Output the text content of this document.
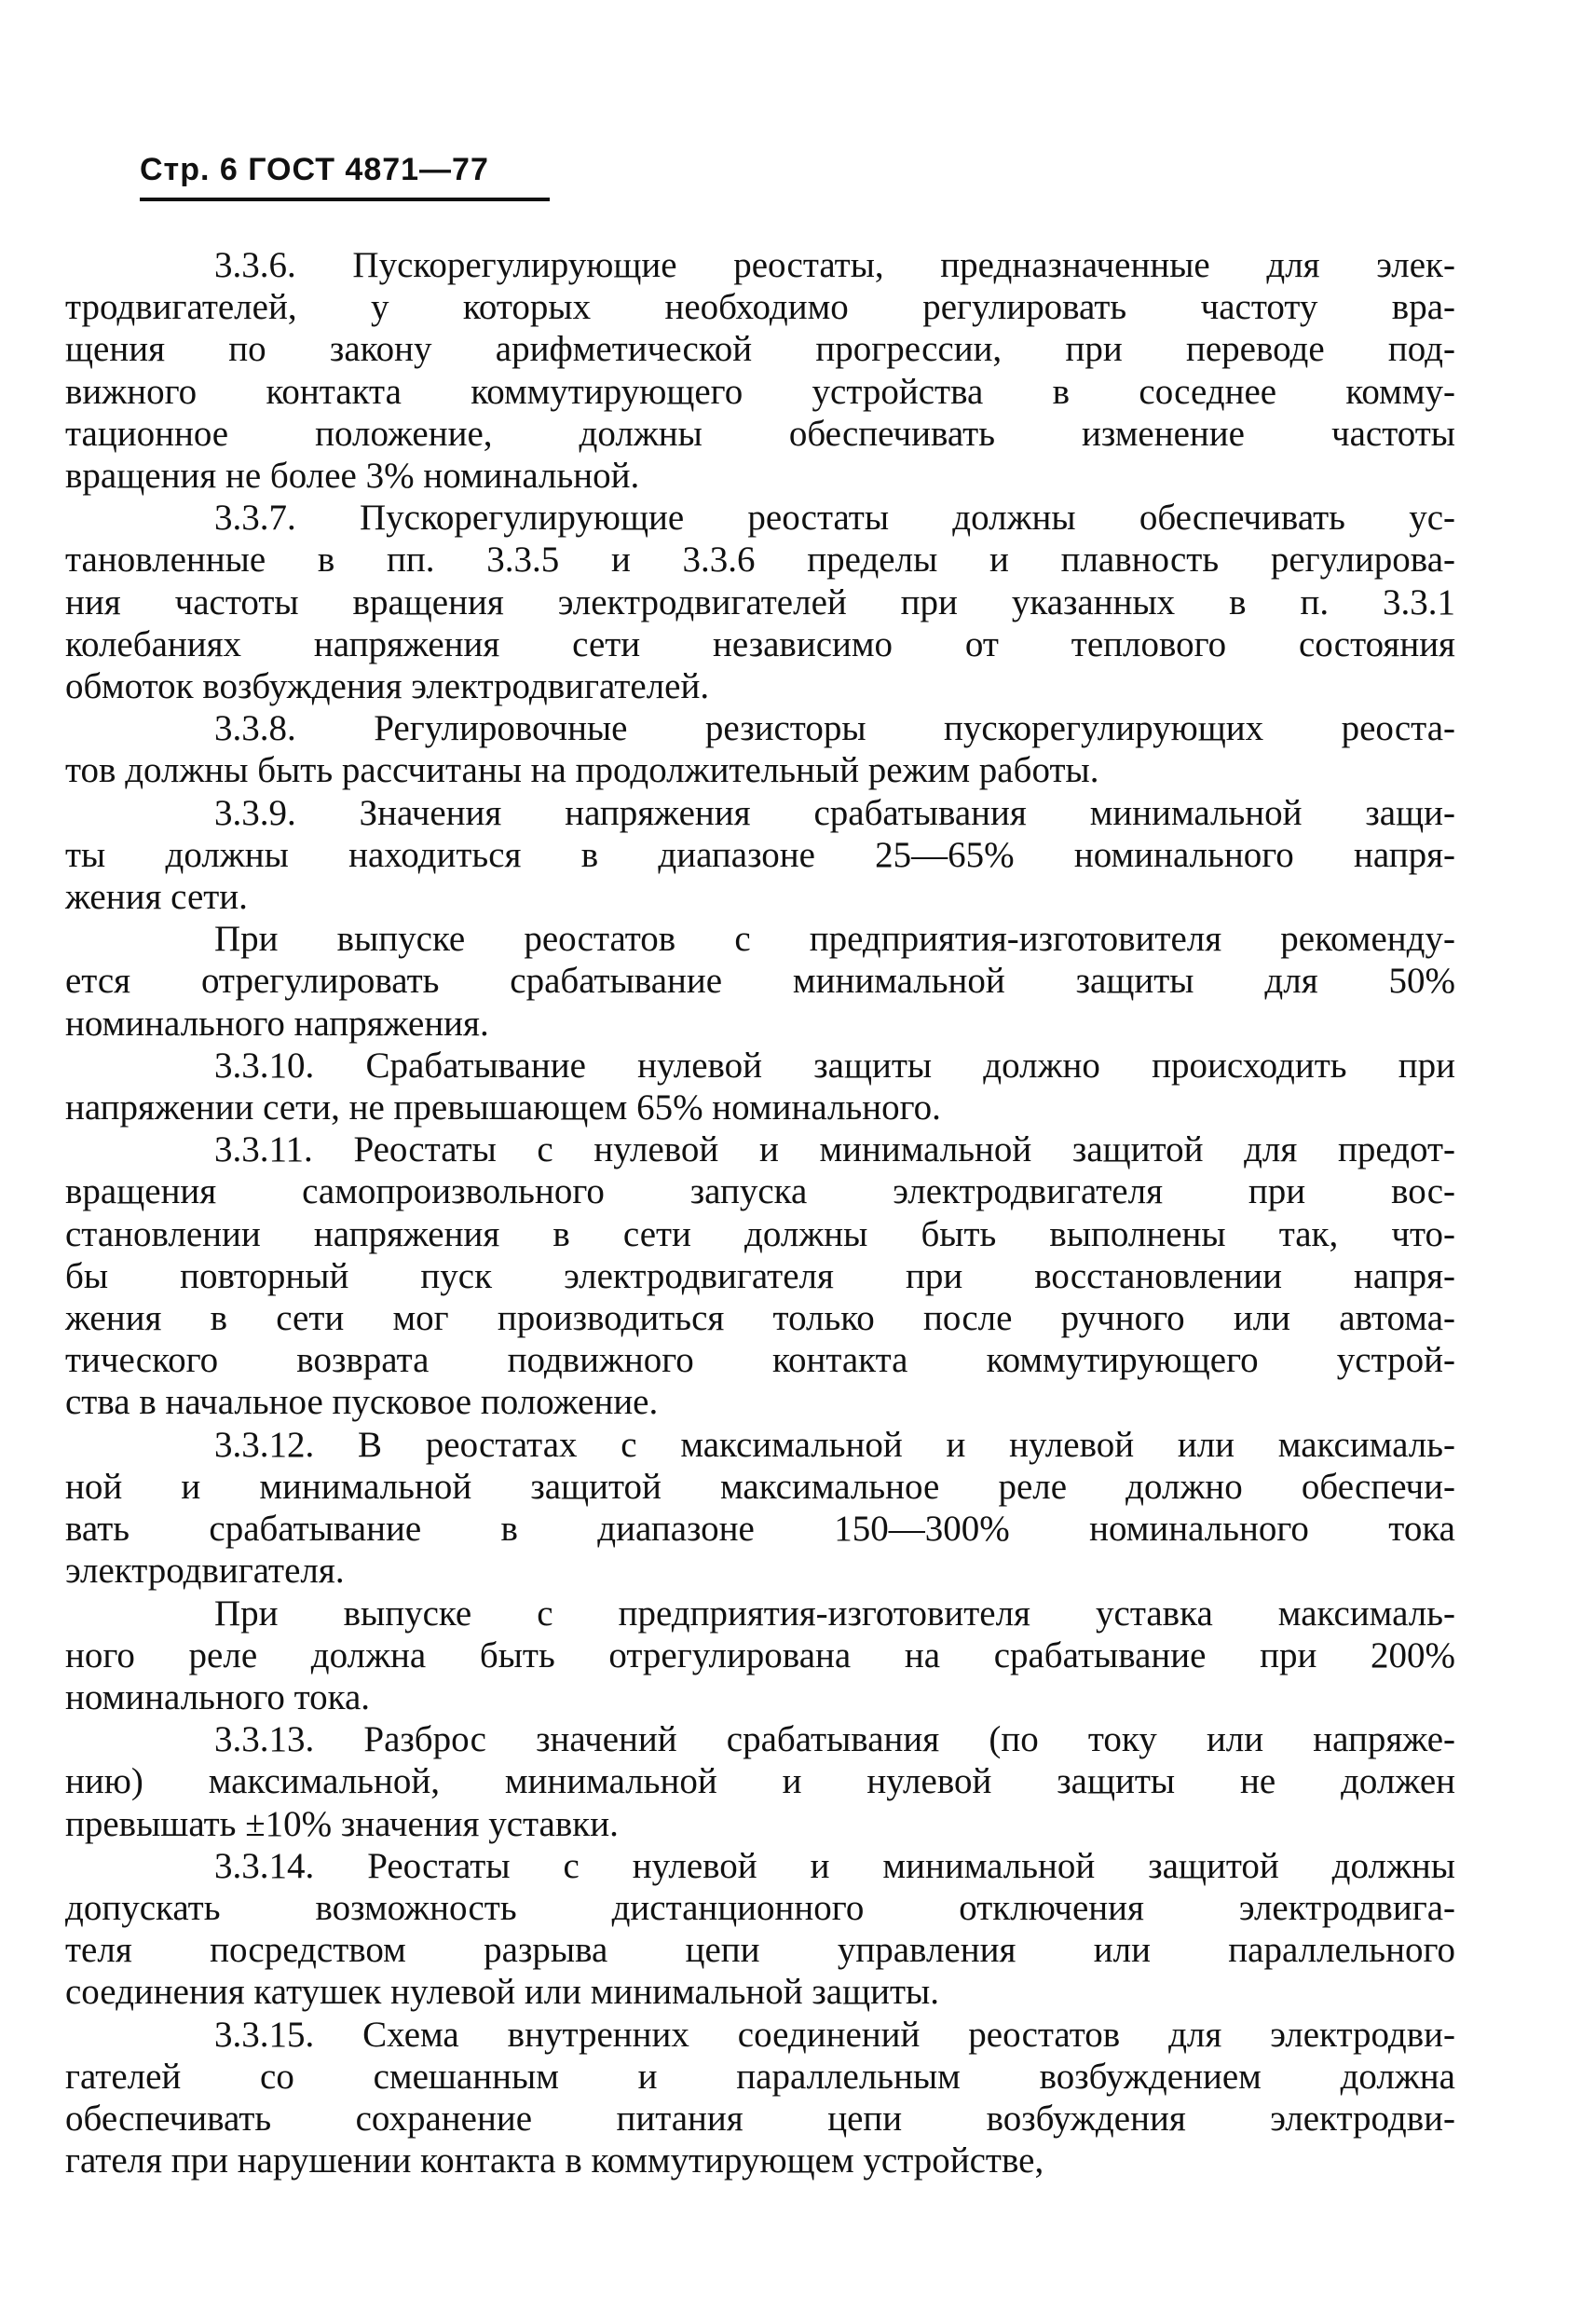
Стр. 6 ГОСТ 4871—77

3.3.6. Пускорегулирующие реостаты, предназначенные для элек-
тродвигателей, у которых необходимо регулировать частоту вра-
щения по закону арифметической прогрессии, при переводе под-
вижного контакта коммутирующего устройства в соседнее комму-
тационное положение, должны обеспечивать изменение частоты
вращения не более 3% номинальной.

3.3.7. Пускорегулирующие реостаты должны обеспечивать ус-
тановленные в пп. 3.3.5 и 3.3.6 пределы и плавность регулирова-
ния частоты вращения электродвигателей при указанных в п. 3.3.1
колебаниях напряжения сети независимо от теплового состояния
обмоток возбуждения электродвигателей.

3.3.8. Регулировочные резисторы пускорегулирующих реоста-
тов должны быть рассчитаны на продолжительный режим работы.

3.3.9. Значения напряжения срабатывания минимальной защи-
ты должны находиться в диапазоне 25—65% номинального напря-
жения сети.

При выпуске реостатов с предприятия-изготовителя рекоменду-
ется отрегулировать срабатывание минимальной защиты для 50%
номинального напряжения.

3.3.10. Срабатывание нулевой защиты должно происходить при
напряжении сети, не превышающем 65% номинального.

3.3.11. Реостаты с нулевой и минимальной защитой для предот-
вращения самопроизвольного запуска электродвигателя при вос-
становлении напряжения в сети должны быть выполнены так, что-
бы повторный пуск электродвигателя при восстановлении напря-
жения в сети мог производиться только после ручного или автома-
тического возврата подвижного контакта коммутирующего устрой-
ства в начальное пусковое положение.

3.3.12. В реостатах с максимальной и нулевой или максималь-
ной и минимальной защитой максимальное реле должно обеспечи-
вать срабатывание в диапазоне 150—300% номинального тока
электродвигателя.

При выпуске с предприятия-изготовителя уставка максималь-
ного реле должна быть отрегулирована на срабатывание при 200%
номинального тока.

3.3.13. Разброс значений срабатывания (по току или напряже-
нию) максимальной, минимальной и нулевой защиты не должен
превышать ±10% значения уставки.

3.3.14. Реостаты с нулевой и минимальной защитой должны
допускать возможность дистанционного отключения электродвига-
теля посредством разрыва цепи управления или параллельного
соединения катушек нулевой или минимальной защиты.

3.3.15. Схема внутренних соединений реостатов для электродви-
гателей со смешанным и параллельным возбуждением должна
обеспечивать сохранение питания цепи возбуждения электродви-
гателя при нарушении контакта в коммутирующем устройстве,
